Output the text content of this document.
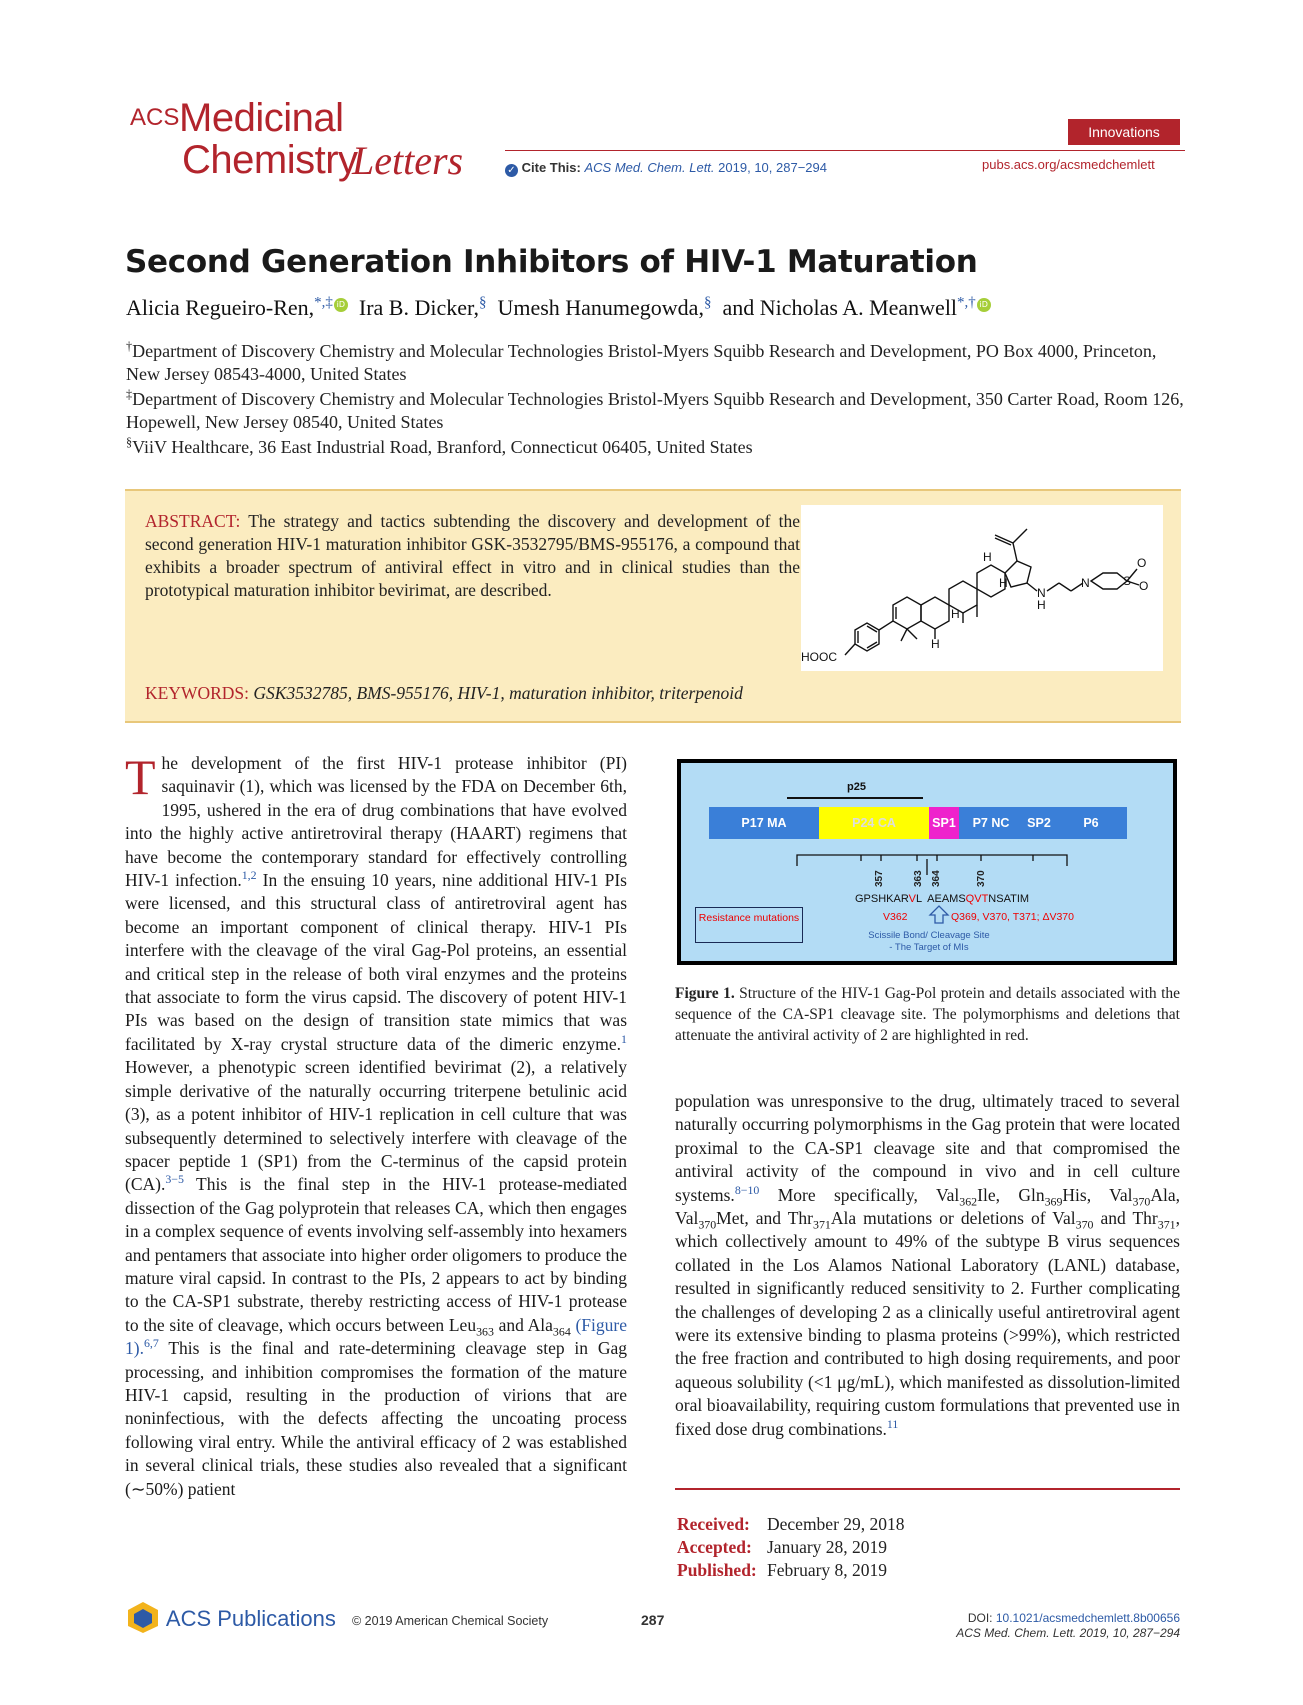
ACS Medicinal
Chemistry
Letters	✓ Cite This: ACS Med. Chem. Lett. 2019, 10, 287−294
Innovations
pubs.acs.org/acsmedchemlett
Second Generation Inhibitors of HIV-1 Maturation
Alicia Regueiro-Ren,*,‡ iD Ira B. Dicker,§ Umesh Hanumegowda,§ and Nicholas A. Meanwell*,† iD
†Department of Discovery Chemistry and Molecular Technologies Bristol-Myers Squibb Research and Development, PO Box 4000, Princeton, New Jersey 08543-4000, United States
‡Department of Discovery Chemistry and Molecular Technologies Bristol-Myers Squibb Research and Development, 350 Carter Road, Room 126, Hopewell, New Jersey 08540, United States
§ViiV Healthcare, 36 East Industrial Road, Branford, Connecticut 06405, United States
ABSTRACT: The strategy and tactics subtending the discovery and development of the second generation HIV-1 maturation inhibitor GSK-3532795/BMS-955176, a compound that exhibits a broader spectrum of antiviral effect in vitro and in clinical studies than the prototypical maturation inhibitor bevirimat, are described.
HOOC
H
H
H
H
N
H
N	S
O
O
KEYWORDS: GSK3532785, BMS-955176, HIV-1, maturation inhibitor, triterpenoid
The development of the first HIV-1 protease inhibitor (PI) saquinavir (1), which was licensed by the FDA on December 6th, 1995, ushered in the era of drug combinations that have evolved into the highly active antiretroviral therapy (HAART) regimens that have become the contemporary standard for effectively controlling HIV-1 infection.$^{1,2}$ In the ensuing 10 years, nine additional HIV-1 PIs were licensed, and this structural class of antiretroviral agent has become an important component of clinical therapy. HIV-1 PIs interfere with the cleavage of the viral Gag-Pol proteins, an essential and critical step in the release of both viral enzymes and the proteins that associate to form the virus capsid. The discovery of potent HIV-1 PIs was based on the design of transition state mimics that was facilitated by X-ray crystal structure data of the dimeric enzyme.$^1$ However, a phenotypic screen identified bevirimat (2), a relatively simple derivative of the naturally occurring triterpene betulinic acid (3), as a potent inhibitor of HIV-1 replication in cell culture that was subsequently determined to selectively interfere with cleavage of the spacer peptide 1 (SP1) from the C-terminus of the capsid protein (CA).$^{3-5}$ This is the final step in the HIV-1 protease-mediated dissection of the Gag polyprotein that releases CA, which then engages in a complex sequence of events involving self-assembly into hexamers and pentamers that associate into higher order oligomers to produce the mature viral capsid. In contrast to the PIs, 2 appears to act by binding to the CA-SP1 substrate, thereby restricting access of HIV-1 protease to the site of cleavage, which occurs between Leu$_{363}$ and Ala$_{364}$ (Figure 1).$^{6,7}$ This is the final and rate-determining cleavage step in Gag processing, and inhibition compromises the formation of the mature HIV-1 capsid, resulting in the production of virions that are noninfectious, with the defects affecting the uncoating process following viral entry. While the antiviral efficacy of 2 was established in several clinical trials, these studies also revealed that a significant (∼50%) patient
p25
P17 MA	P24 CA	SP1	P7 NC	SP2	P6
357	363 364	370
GPSHKARVL  AEAMSQVTNSATIM
V362	Q369, V370, T371; ΔV370
Resistance mutations
Scissile Bond/ Cleavage Site
- The Target of MIs
Figure 1. Structure of the HIV-1 Gag-Pol protein and details associated with the sequence of the CA-SP1 cleavage site. The polymorphisms and deletions that attenuate the antiviral activity of 2 are highlighted in red.
population was unresponsive to the drug, ultimately traced to several naturally occurring polymorphisms in the Gag protein that were located proximal to the CA-SP1 cleavage site and that compromised the antiviral activity of the compound in vivo and in cell culture systems.$^{8-10}$ More specifically, Val$_{362}$Ile, Gln$_{369}$His, Val$_{370}$Ala, Val$_{370}$Met, and Thr$_{371}$Ala mutations or deletions of Val$_{370}$ and Thr$_{371}$, which collectively amount to 49% of the subtype B virus sequences collated in the Los Alamos National Laboratory (LANL) database, resulted in significantly reduced sensitivity to 2. Further complicating the challenges of developing 2 as a clinically useful antiretroviral agent were its extensive binding to plasma proteins (>99%), which restricted the free fraction and contributed to high dosing requirements, and poor aqueous solubility (<1 μg/mL), which manifested as dissolution-limited oral bioavailability, requiring custom formulations that prevented use in fixed dose drug combinations.$^{11}$
Received: December 29, 2018
Accepted: January 28, 2019
Published: February 8, 2019
ACS Publications © 2019 American Chemical Society	287	DOI: 10.1021/acsmedchemlett.8b00656
ACS Med. Chem. Lett. 2019, 10, 287−294
